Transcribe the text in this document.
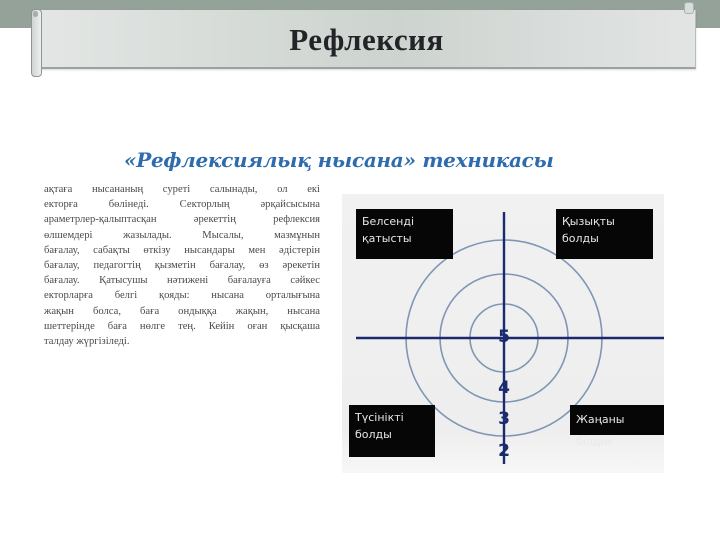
Рефлексия
«Рефлексиялық нысана» техникасы
ақтаға нысананың суреті салынады, ол екі
екторға бөлінеді. Секторлың әрқайсысына
араметрлер-қалыптасқан әрекеттің рефлексия
өлшемдері жазылады. Мысалы, мазмұнын
бағалау, сабақты өткізу нысандары мен әдістерін
бағалау, педагогтің қызметін бағалау, өз әрекетін
бағалау. Қатысушы нәтижені бағалауға сәйкес
екторларға белгі қояды: нысана орталығына
жақын болса, баға ондыққа жақын, нысана
шеттерінде баға нөлге тең. Кейін оған қысқаша
талдау жүргізіледі.
Белсенді
қатысты
Қызықты
болды
Түсінікті
болды
Жаңаны білдім
5
4
3
2
